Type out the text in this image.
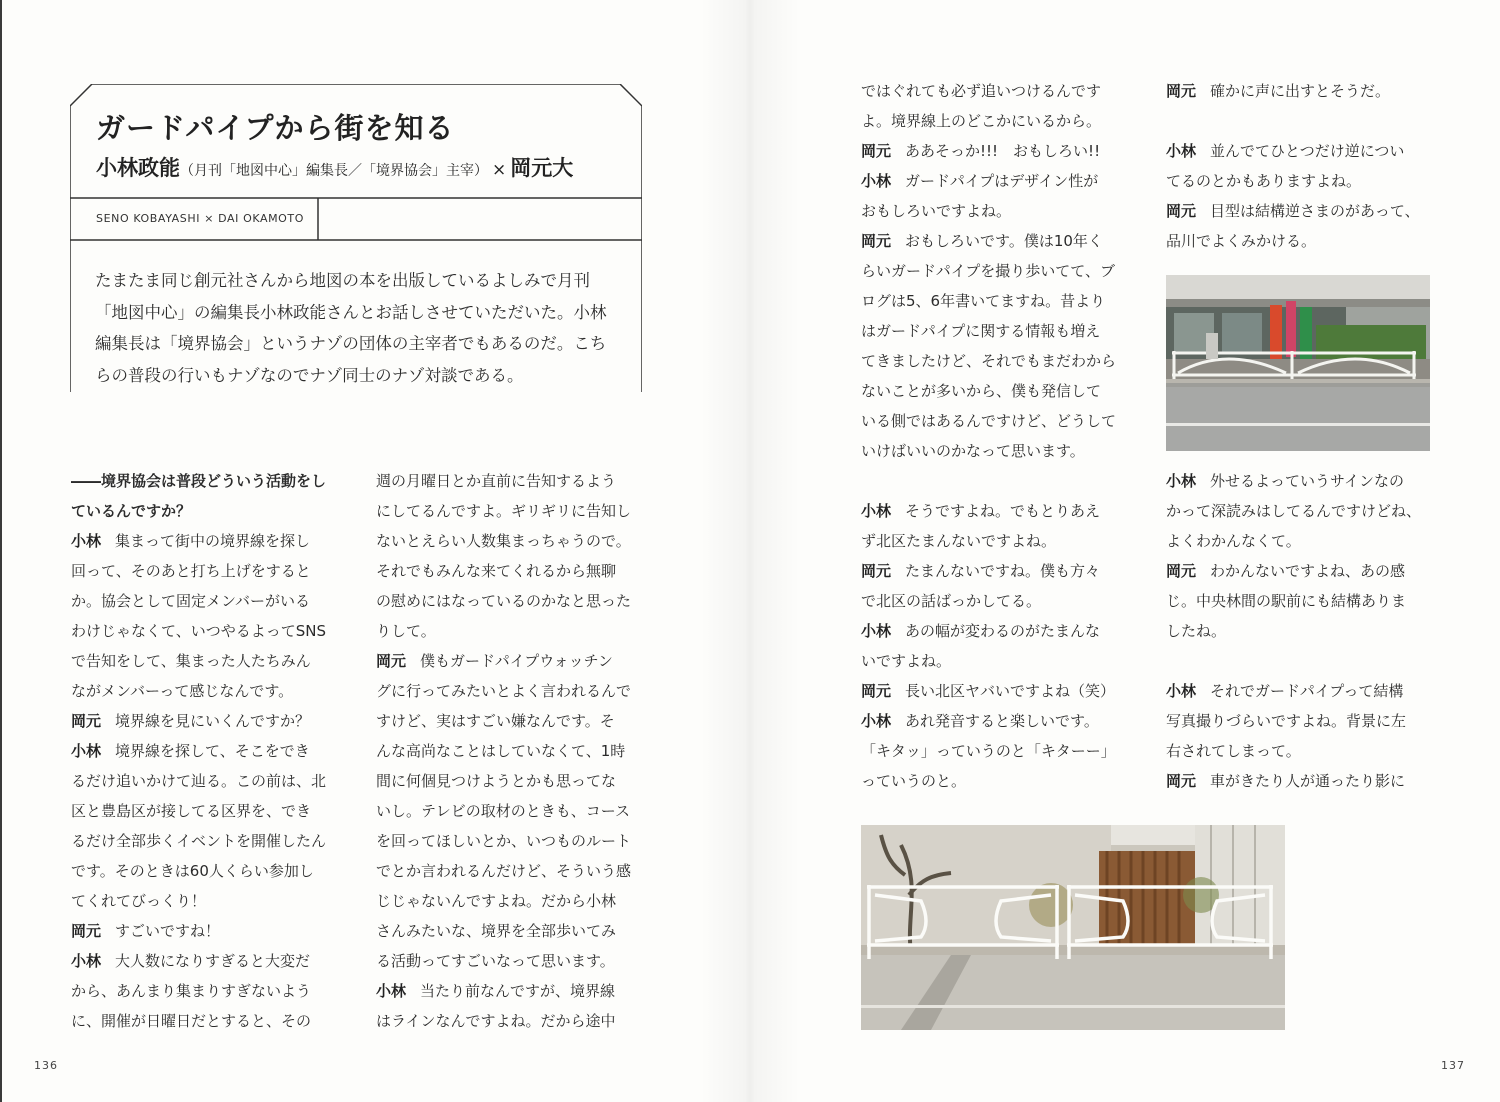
ガードパイプから街を知る

小林政能（月刊「地図中心」編集長／「境界協会」主宰） × 岡元大

SENO KOBAYASHI × DAI OKAMOTO

たまたま同じ創元社さんから地図の本を出版しているよしみで月刊「地図中心」の編集長小林政能さんとお話しさせていただいた。小林編集長は「境界協会」というナゾの団体の主宰者でもあるのだ。こちらの普段の行いもナゾなのでナゾ同士のナゾ対談である。

――境界協会は普段どういう活動をし
ているんですか？
小林 集まって街中の境界線を探し
回って、そのあと打ち上げをすると
か。協会として固定メンバーがいる
わけじゃなくて、いつやるよってSNS
で告知をして、集まった人たちみん
ながメンバーって感じなんです。
岡元 境界線を見にいくんですか？
小林 境界線を探して、そこをでき
るだけ追いかけて辿る。この前は、北
区と豊島区が接してる区界を、でき
るだけ全部歩くイベントを開催したん
です。そのときは60人くらい参加し
てくれてびっくり！
岡元 すごいですね！
小林 大人数になりすぎると大変だ
から、あんまり集まりすぎないよう
に、開催が日曜日だとすると、その
週の月曜日とか直前に告知するよう
にしてるんですよ。ギリギリに告知し
ないとえらい人数集まっちゃうので。
それでもみんな来てくれるから無聊
の慰めにはなっているのかなと思った
りして。
岡元 僕もガードパイプウォッチン
グに行ってみたいとよく言われるんで
すけど、実はすごい嫌なんです。そ
んな高尚なことはしていなくて、1時
間に何個見つけようとかも思ってな
いし。テレビの取材のときも、コース
を回ってほしいとか、いつものルート
でとか言われるんだけど、そういう感
じじゃないんですよね。だから小林
さんみたいな、境界を全部歩いてみ
る活動ってすごいなって思います。
小林 当たり前なんですが、境界線
はラインなんですよね。だから途中
ではぐれても必ず追いつけるんです
よ。境界線上のどこかにいるから。
岡元 ああそっか!!!　おもしろい!!
小林 ガードパイプはデザイン性が
おもしろいですよね。
岡元 おもしろいです。僕は10年く
らいガードパイプを撮り歩いてて、ブ
ログは5、6年書いてますね。昔より
はガードパイプに関する情報も増え
てきましたけど、それでもまだわから
ないことが多いから、僕も発信して
いる側ではあるんですけど、どうして
いけばいいのかなって思います。
小林 そうですよね。でもとりあえ
ず北区たまんないですよね。
岡元 たまんないですね。僕も方々
で北区の話ばっかしてる。
小林 あの幅が変わるのがたまんな
いですよね。
岡元 長い北区ヤバいですよね（笑）
小林 あれ発音すると楽しいです。
「キタッ」っていうのと「キターー」
っていうのと。
岡元 確かに声に出すとそうだ。
小林 並んでてひとつだけ逆につい
てるのとかもありますよね。
岡元 目型は結構逆さまのがあって、
品川でよくみかける。
小林 外せるよっていうサインなの
かって深読みはしてるんですけどね、
よくわかんなくて。
岡元 わかんないですよね、あの感
じ。中央林間の駅前にも結構ありま
したね。
小林 それでガードパイプって結構
写真撮りづらいですよね。背景に左
右されてしまって。
岡元 車がきたり人が通ったり影に
136	137
